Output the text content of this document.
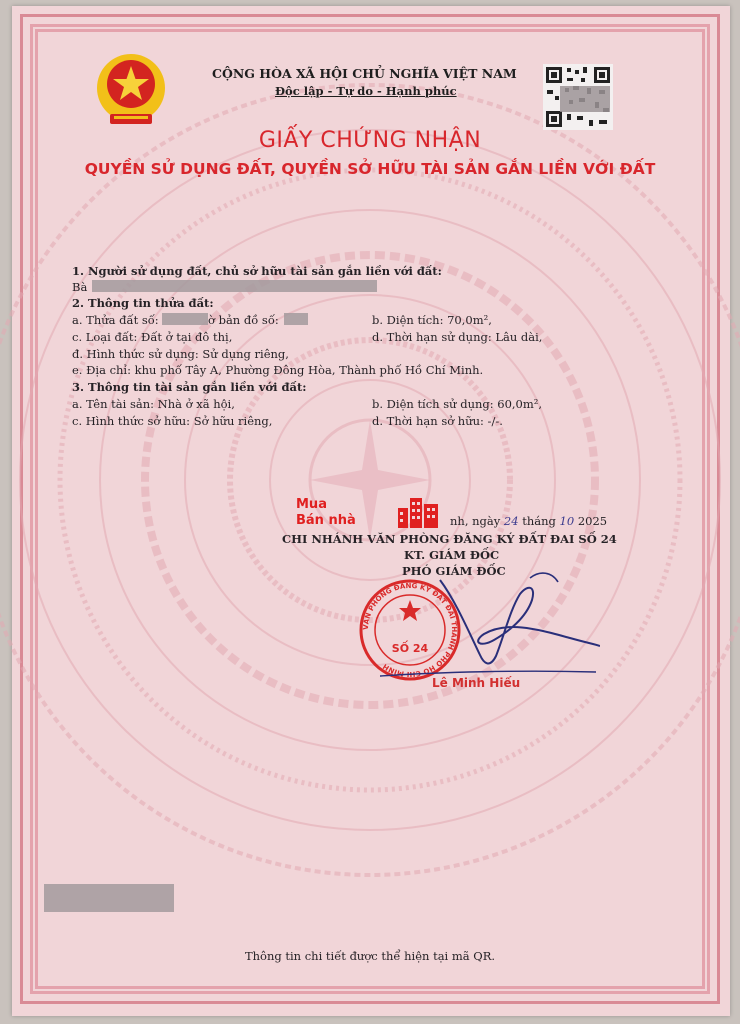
CỘNG HÒA XÃ HỘI CHỦ NGHĨA VIỆT NAM
Độc lập - Tự do - Hạnh phúc
GIẤY CHỨNG NHẬN
QUYỀN SỬ DỤNG ĐẤT, QUYỀN SỞ HỮU TÀI SẢN GẮN LIỀN VỚI ĐẤT
1. Người sử dụng đất, chủ sở hữu tài sản gắn liền với đất:
Bà
2. Thông tin thửa đất:
a. Thửa đất số:	ờ bản đồ số:	b. Diện tích: 70,0m²,
c. Loại đất: Đất ở tại đô thị,	d. Thời hạn sử dụng: Lâu dài,
đ. Hình thức sử dụng: Sử dụng riêng,
e. Địa chỉ: khu phố Tây A, Phường Đông Hòa, Thành phố Hồ Chí Minh.
3. Thông tin tài sản gắn liền với đất:
a. Tên tài sản: Nhà ở xã hội,	b. Diện tích sử dụng: 60,0m²,
c. Hình thức sở hữu: Sở hữu riêng,	d. Thời hạn sở hữu: -/-.
nh, ngày 24 tháng 10 2025
CHI NHÁNH VĂN PHÒNG ĐĂNG KÝ ĐẤT ĐAI SỐ 24
KT. GIÁM ĐỐC
PHÓ GIÁM ĐỐC
Mua
Bán nhà
VĂN PHÒNG ĐĂNG KÝ ĐẤT ĐAI THÀNH PHỐ HỒ CHÍ MINH
SỐ 24
Lê Minh Hiếu
Thông tin chi tiết được thể hiện tại mã QR.
